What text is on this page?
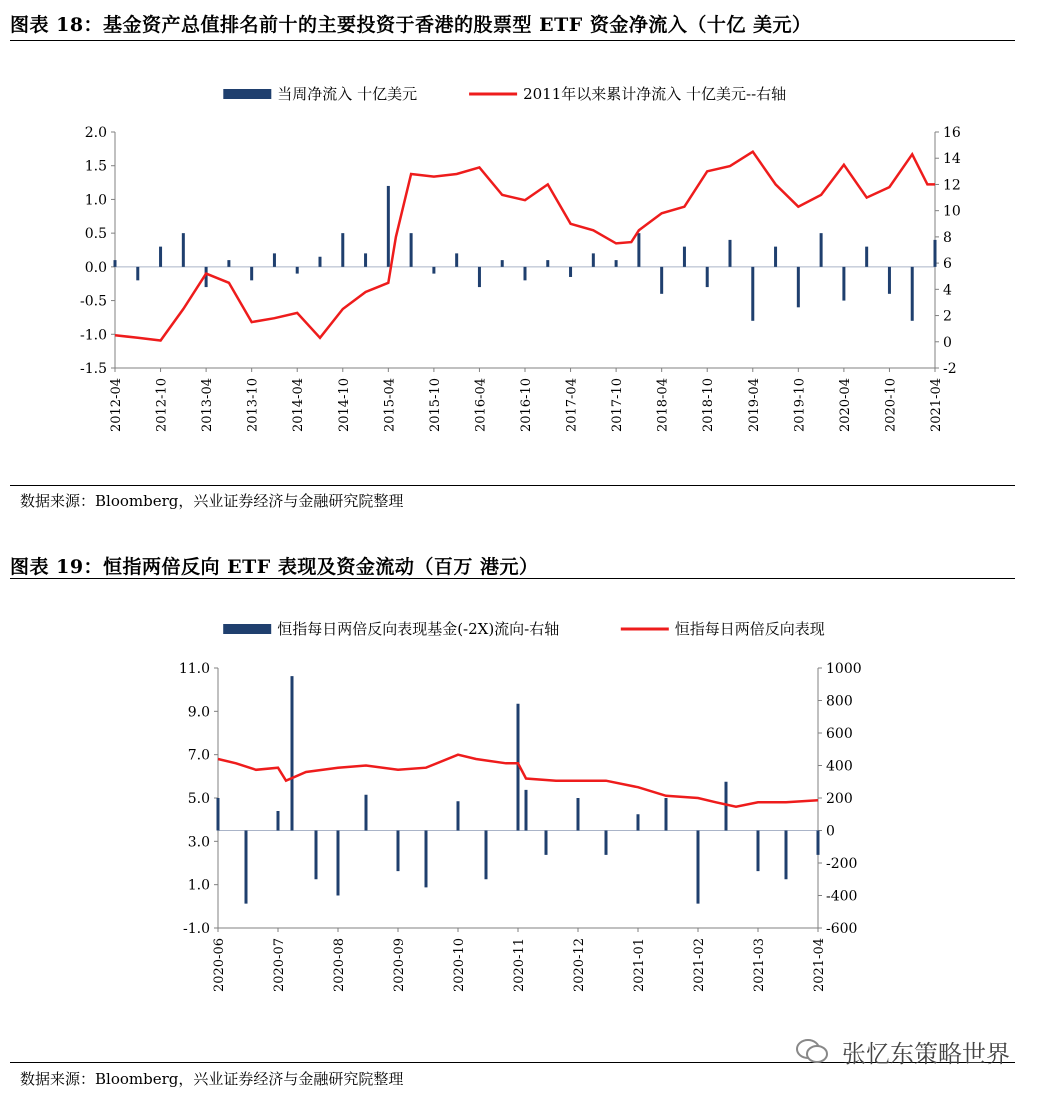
图表 18：基金资产总值排名前十的主要投资于香港的股票型 ETF 资金净流入（十亿 美元）
2.0
1.5
1.0
0.5
0.0
-0.5
-1.0
-1.5
16
14
12
10
8
6
4
2
0
-2
2012-04 2012-10 2013-04 2013-10 2014-04 2014-10 2015-04 2015-10 2016-04 2016-10 2017-04 2017-10 2018-04 2018-10 2019-04 2019-10 2020-04 2020-10 2021-04
当周净流入 十亿美元	2011年以来累计净流入 十亿美元--右轴
数据来源：Bloomberg，兴业证券经济与金融研究院整理
图表 19：恒指两倍反向 ETF 表现及资金流动（百万 港元）
11.0
9.0
7.0
5.0
3.0
1.0
-1.0
1000
800
600
400
200
0
-200
-400
-600
2020-06	2020-07	2020-08	2020-09	2020-10	2020-11	2020-12	2021-01	2021-02	2021-03	2021-04
恒指每日两倍反向表现基金(-2X)流向-右轴	恒指每日两倍反向表现
数据来源：Bloomberg，兴业证券经济与金融研究院整理
张忆东策略世界
